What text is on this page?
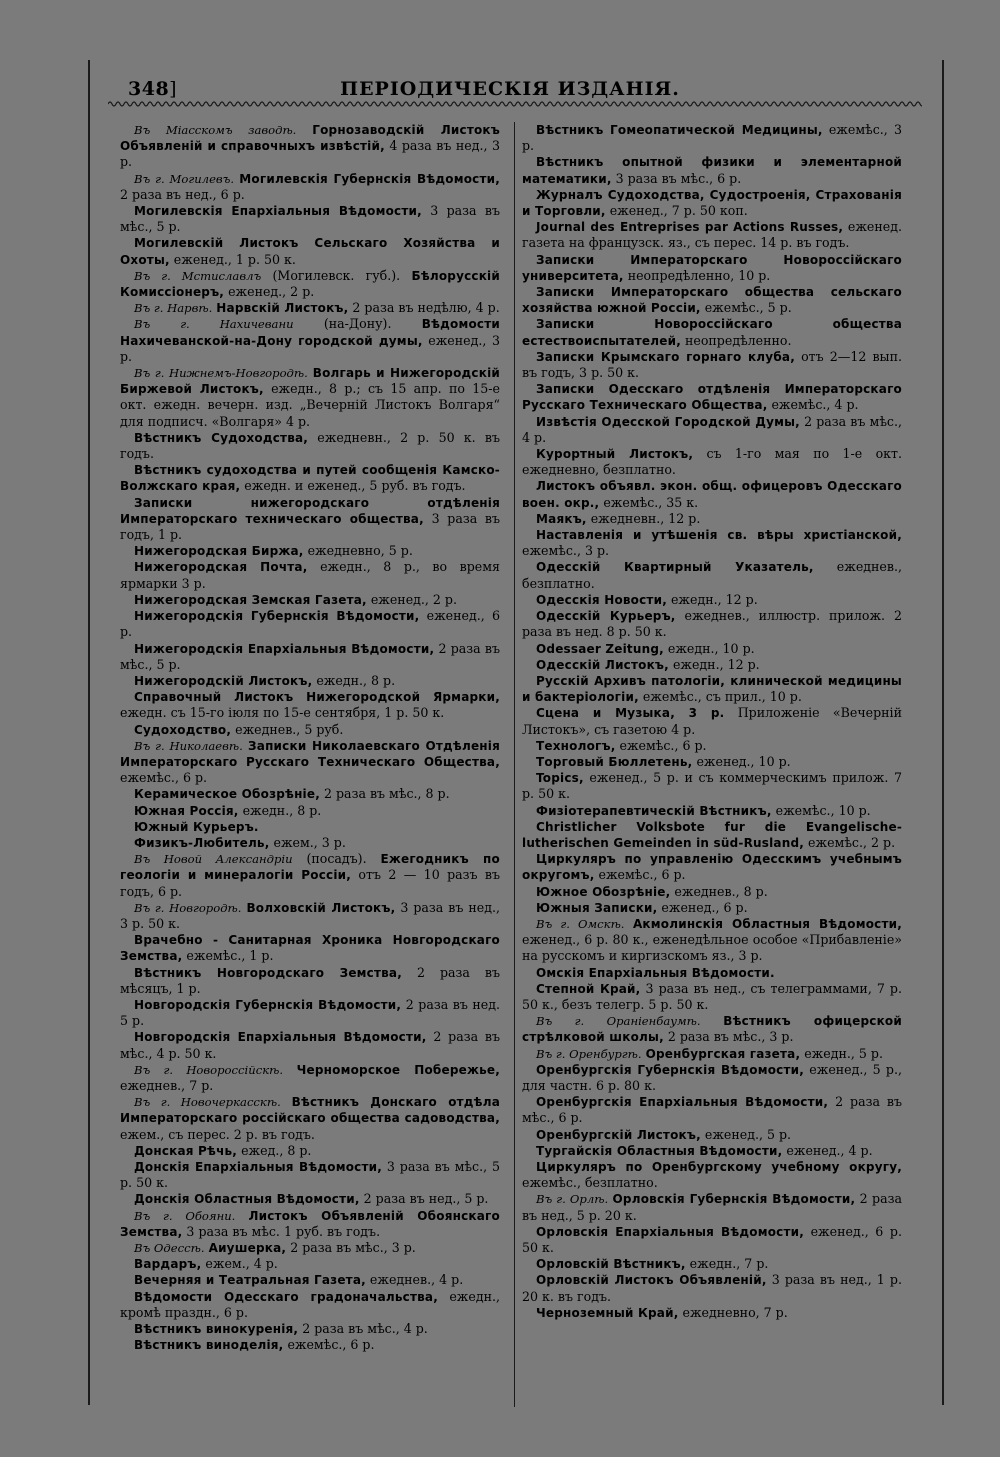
348]	ПЕРІОДИЧЕСКІЯ ИЗДАНІЯ.

Въ Міасскомъ заводѣ. Горнозаводскій Листокъ Объявленій и справочныхъ извѣстій, 4 раза въ нед., 3 р.

Въ г. Могилевъ. Могилевскія Губернскія Вѣдомости, 2 раза въ нед., 6 р.

Могилевскія Епархіальныя Вѣдомости, 3 раза въ мѣс., 5 р.

Могилевскій Листокъ Сельскаго Хозяйства и Охоты, еженед., 1 р. 50 к.

Въ г. Мстиславлъ (Могилевск. губ.). Бѣлорусскій Комиссіонеръ, еженед., 2 р.

Въ г. Нарвѣ. Нарвскій Листокъ, 2 раза въ недѣлю, 4 р.

Въ г. Нахичевани (на-Дону).	Вѣдомости Нахичеванской-на-Дону городской думы, еженед., 3 р.

Въ г. Нижнемъ-Новгородѣ. Волгарь и Нижегородскій Биржевой Листокъ, ежедн., 8 р.; съ 15 апр. по 15-е окт. ежедн. вечерн. изд. „Вечерній Листокъ Волгаря“ для подписч. «Волгаря» 4 р.

Вѣстникъ Судоходства, ежедневн., 2 р. 50 к. въ годъ.

Вѣстникъ судоходства и путей сообщенія Камско-Волжскаго края, ежедн. и еженед., 5 руб. въ годъ.

Записки нижегородскаго отдѣленія Императорскаго техническаго общества, 3 раза въ годъ, 1 р.

Нижегородская Биржа, ежедневно, 5 р.

Нижегородская Почта, ежедн., 8 р., во время ярмарки 3 р.

Нижегородская Земская Газета, еженед., 2 р.

Нижегородскія Губернскія Вѣдомости, еженед., 6 р.

Нижегородскія Епархіальныя Вѣдомости, 2 раза въ мѣс., 5 р.

Нижегородскій Листокъ, ежедн., 8 р.

Справочный Листокъ Нижегородской Ярмарки, ежедн. съ 15-го іюля по 15-е сентября, 1 р. 50 к.

Судоходство, ежеднев., 5 руб.

Въ г. Николаевѣ. Записки Николаевскаго Отдѣленія Императорскаго Русскаго Техническаго Общества, ежемѣс., 6 р.

Керамическое Обозрѣніе, 2 раза въ мѣс., 8 р.

Южная Россія, ежедн., 8 р.

Южный Курьеръ.

Физикъ-Любитель, ежем., 3 р.

Въ Новой Александріи (посадъ). Ежегодникъ по геологіи и минералогіи Россіи, отъ 2 — 10 разъ въ годъ, 6 р.

Въ г. Новгородѣ. Волховскій Листокъ, 3 раза въ нед., 3 р. 50 к.

Врачебно - Санитарная Хроника Новгородскаго Земства, ежемѣс., 1 р.

Вѣстникъ Новгородскаго Земства, 2 раза въ мѣсяцъ, 1 р.

Новгородскія Губернскія Вѣдомости, 2 раза въ нед. 5 р.

Новгородскія Епархіальныя Вѣдомости, 2 раза въ мѣс., 4 р. 50 к.

Въ г. Новороссійскѣ. Черноморское Побережье, ежеднев., 7 р.

Въ г. Новочеркасскѣ. Вѣстникъ Донскаго отдѣла Императорскаго россійскаго общества садоводства, ежем., съ перес. 2 р. въ годъ.

Донская Рѣчь, ежед., 8 р.

Донскія Епархіальныя Вѣдомости, 3 раза въ мѣс., 5 р. 50 к.

Донскія Областныя Вѣдомости, 2 раза въ нед., 5 р.

Въ г. Обояни. Листокъ Объявленій Обоянскаго Земства, 3 раза въ мѣс. 1 руб. въ годъ.

Въ Одессѣ. Аиушерка, 2 раза въ мѣс., 3 р.

Вардаръ, ежем., 4 р.

Вечерняя и Театральная Газета, ежеднев., 4 р.

Вѣдомости Одесскаго градоначальства, ежедн., кромѣ праздн., 6 р.

Вѣстникъ винокуренія, 2 раза въ мѣс., 4 р.

Вѣстникъ виноделія, ежемѣс., 6 р.

Вѣстникъ Гомеопатической Медицины, ежемѣс., 3 р.

Вѣстникъ опытной физики и элементарной математики, 3 раза въ мѣс., 6 р.

Журналъ Судоходства, Судостроенія, Страхованія и Торговли, еженед., 7 р. 50 коп.

Journal des Entreprises par Actions Russes, еженед. газета на французск. яз., съ перес. 14 р. въ годъ.

Записки Императорскаго Новороссійскаго университета, неопредѣленно, 10 р.

Записки Императорскаго общества сельскаго хозяйства южной Россіи, ежемѣс., 5 р.

Записки Новороссійскаго общества естествоиспытателей, неопредѣленно.

Записки Крымскаго горнаго клуба, отъ 2—12 вып. въ годъ, 3 р. 50 к.

Записки Одесскаго отдѣленія Императорскаго Русскаго Техническаго Общества, ежемѣс., 4 р.

Извѣстія Одесской Городской Думы, 2 раза въ мѣс., 4 р.

Курортный Листокъ, съ 1-го мая по 1-е окт. ежедневно, безплатно.

Листокъ объявл. экон. общ. офицеровъ Одесскаго воен. окр., ежемѣс., 35 к.

Маякъ, ежедневн., 12 р.

Наставленія и утѣшенія св. вѣры христіанской, ежемѣс., 3 р.

Одесскій Квартирный Указатель, ежеднев., безплатно.

Одесскія Новости, ежедн., 12 р.

Одесскій Курьеръ, ежеднев., иллюстр. прилож. 2 раза въ нед. 8 р. 50 к.

Odessaer Zeitung, ежедн., 10 р.

Одесскій Листокъ, ежедн., 12 р.

Русскій Архивъ патологіи, клинической медицины и бактеріологіи, ежемѣс., съ прил., 10 р.

Сцена и Музыка, 3 р. Приложеніе «Вечерній Листокъ», съ газетою 4 р.

Технологъ, ежемѣс., 6 р.

Торговый Бюллетень, еженед., 10 р.

Topics, еженед., 5 р. и съ коммерческимъ прилож. 7 р. 50 к.

Физіотерапевтическій Вѣстникъ, ежемѣс., 10 р.

Christlicher Volksbote fur die Evangelische-lutherischen Gemeinden in süd-Rusland, ежемѣс., 2 р.

Циркуляръ по управленію Одесскимъ учебнымъ округомъ, ежемѣс., 6 р.

Южное Обозрѣніе, ежеднев., 8 р.

Южныя Записки, еженед., 6 р.

Въ г. Омскѣ. Акмолинскія Областныя Вѣдомости, еженед., 6 р. 80 к., еженедѣльное особое «Прибавленіе» на русскомъ и киргизскомъ яз., 3 р.

Омскія Епархіальныя Вѣдомости.

Степной Край, 3 раза въ нед., съ телеграммами, 7 р. 50 к., безъ телегр. 5 р. 50 к.

Въ г. Ораніенбаумѣ. Вѣстникъ офицерской стрѣлковой школы, 2 раза въ мѣс., 3 р.

Въ г. Оренбургѣ. Оренбургская газета, ежедн., 5 р.

Оренбургскія Губернскія Вѣдомости, еженед., 5 р., для частн. 6 р. 80 к.

Оренбургскія Епархіальныя Вѣдомости, 2 раза въ мѣс., 6 р.

Оренбургскій Листокъ, еженед., 5 р.

Тургайскія Областныя Вѣдомости, еженед., 4 р.

Циркуляръ по Оренбургскому учебному округу, ежемѣс., безплатно.

Въ г. Орлѣ. Орловскія Губернскія Вѣдомости, 2 раза въ нед., 5 р. 20 к.

Орловскія Епархіальныя Вѣдомости, еженед., 6 р. 50 к.

Орловскій Вѣстникъ, ежедн., 7 р.

Орловскій Листокъ Объявленій, 3 раза въ нед., 1 р. 20 к. въ годъ.

Черноземный Край, ежедневно, 7 р.
